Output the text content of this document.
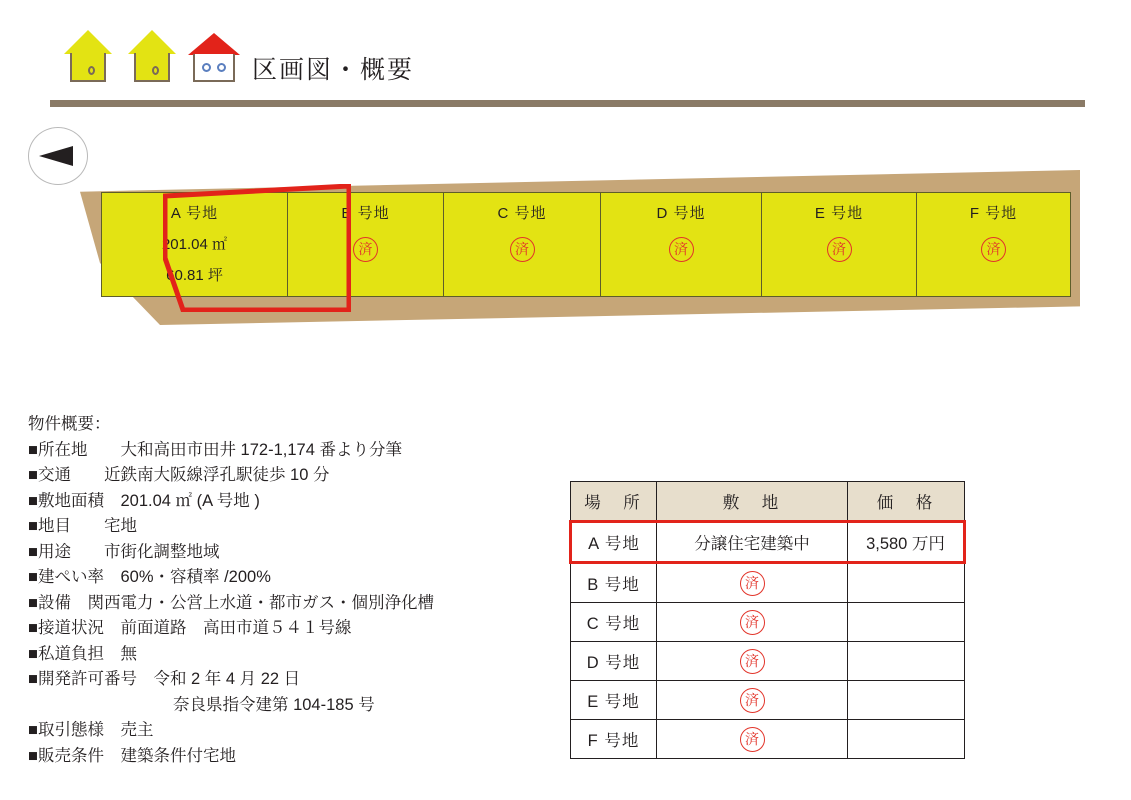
区画図・概要
A 号地
201.04 ㎡
60.81 坪
B 号地
済
C 号地
済
D 号地
済
E 号地
済
F 号地
済
物件概要：
■所在地　　大和高田市田井 172-1,174 番より分筆
■交通　　近鉄南大阪線浮孔駅徒歩 10 分
■敷地面積　201.04 ㎡ (A 号地 )
■地目　　宅地
■用途　　市街化調整地域
■建ぺい率　60%・容積率 /200%
■設備　関西電力・公営上水道・都市ガス・個別浄化槽
■接道状況　前面道路　高田市道５４１号線
■私道負担　無
■開発許可番号　令和 2 年 4 月 22 日
奈良県指令建第 104-185 号
■取引態様　売主
■販売条件　建築条件付宅地
場　所	敷　地	価　格
A 号地	分譲住宅建築中	3,580 万円
B 号地	済	
C 号地	済	
D 号地	済	
E 号地	済	
F 号地	済	
